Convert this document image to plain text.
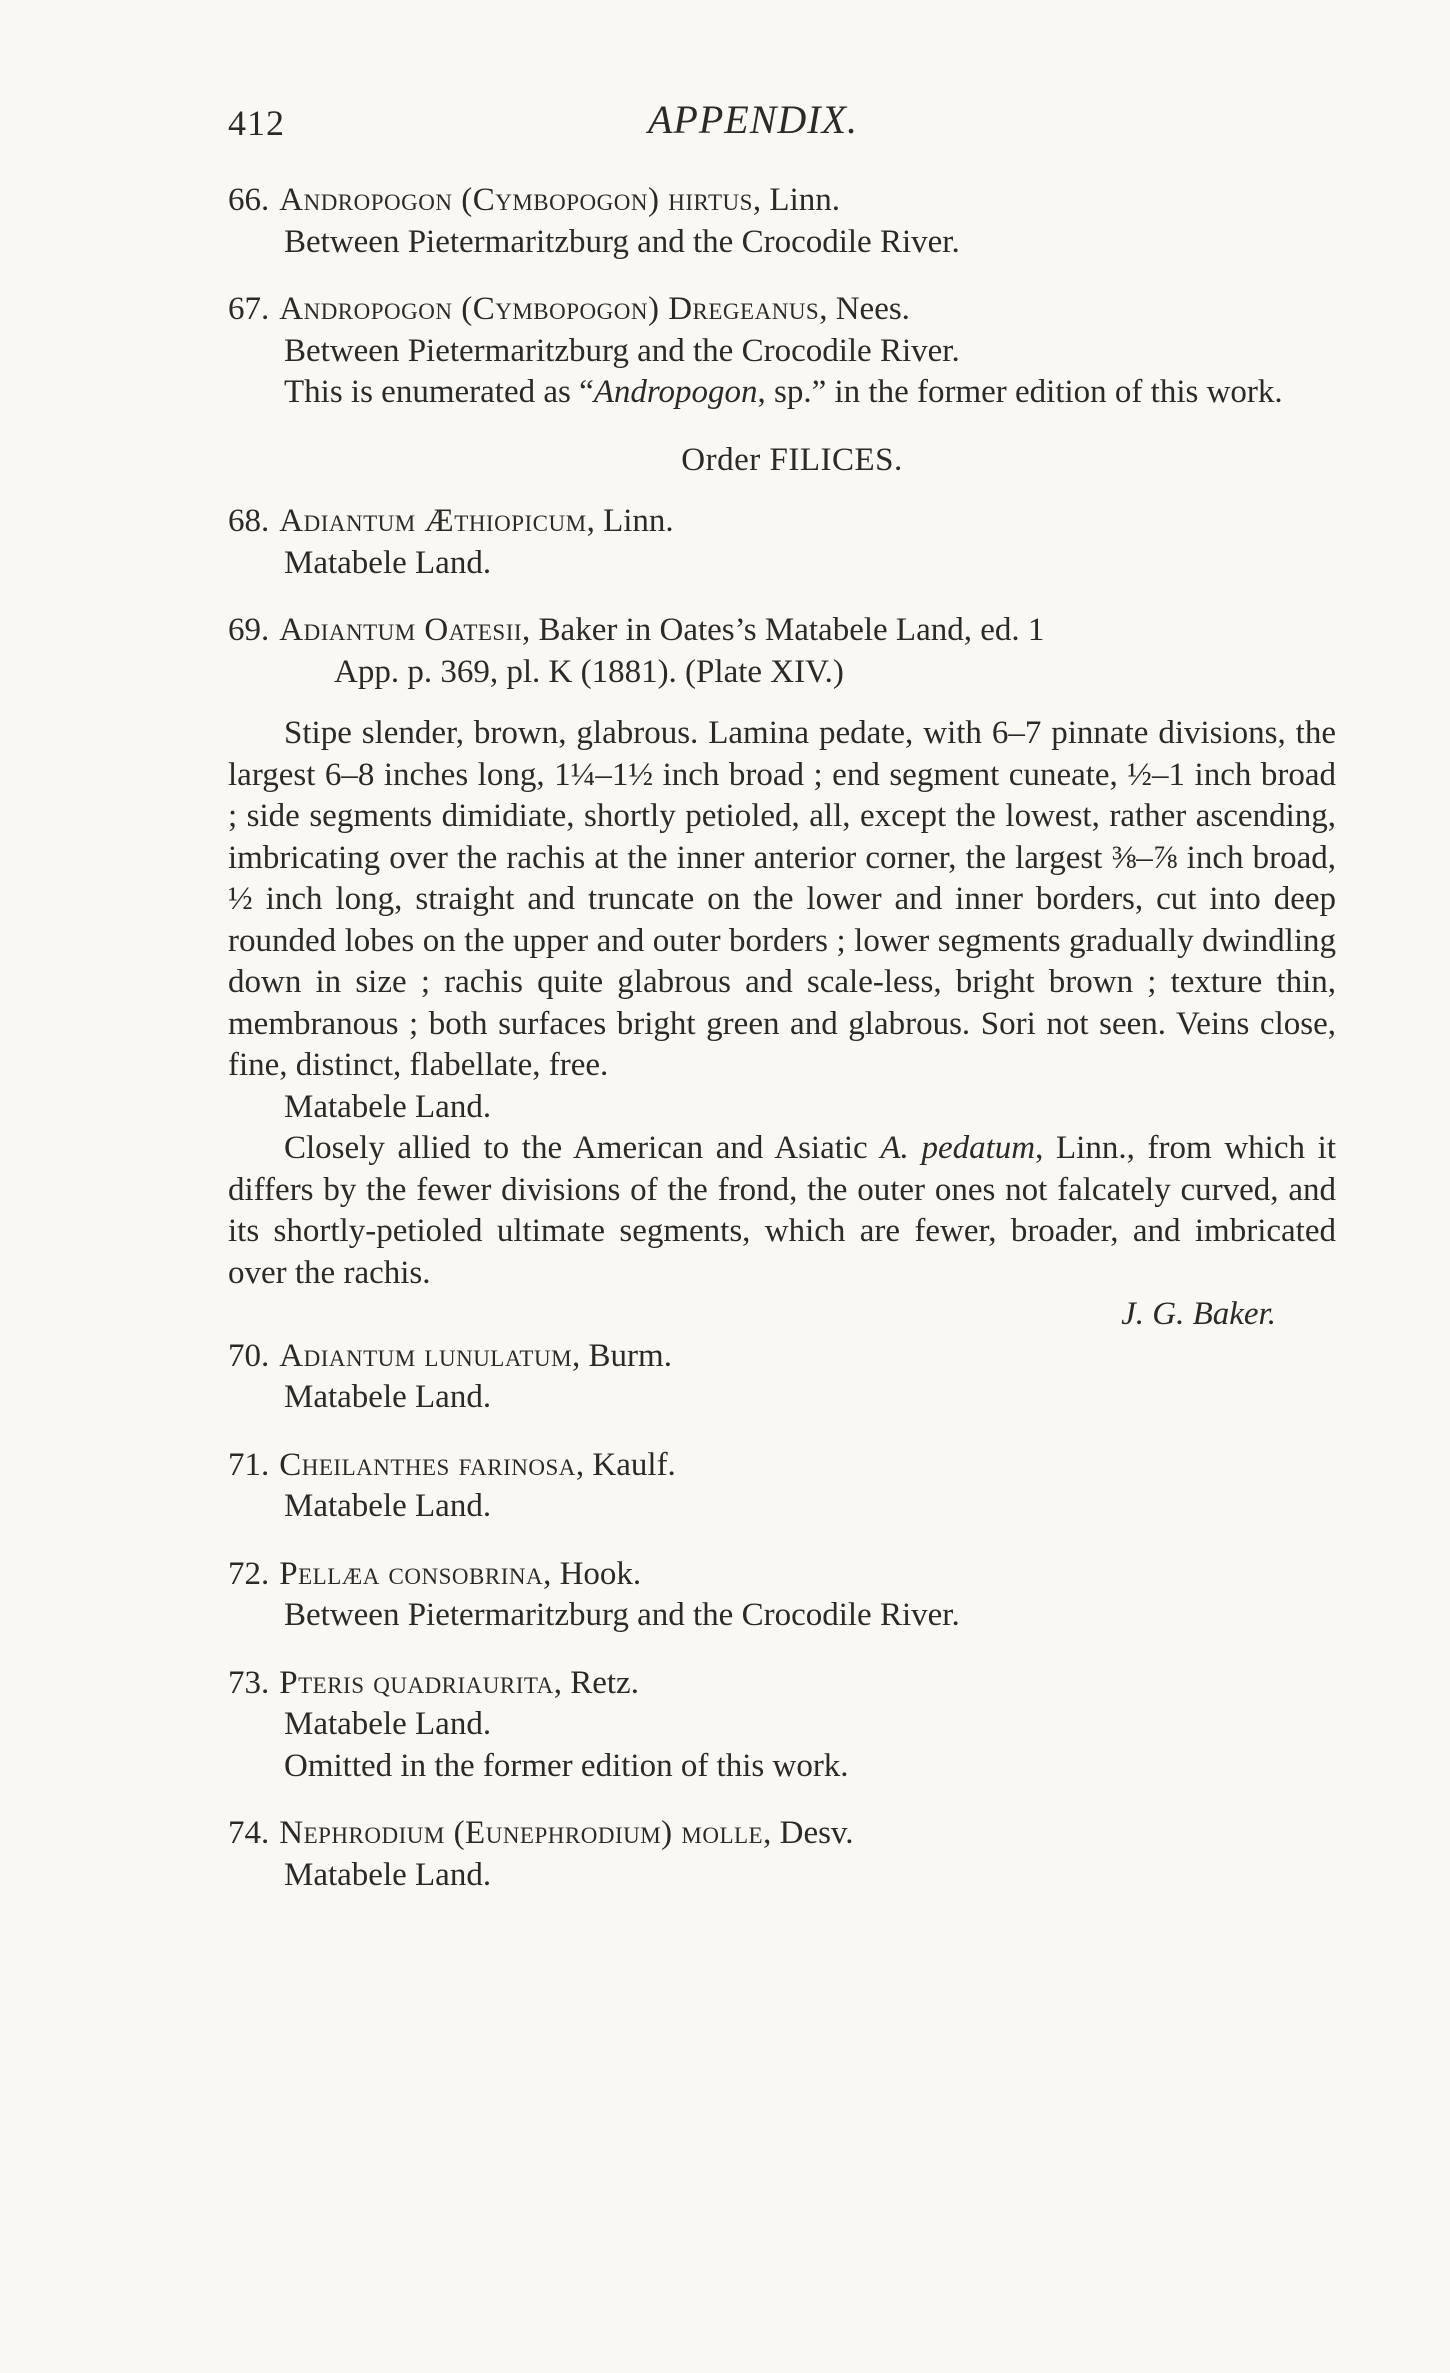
412	APPENDIX.

66. Andropogon (Cymbopogon) hirtus, Linn.

Between Pietermaritzburg and the Crocodile River.

67. Andropogon (Cymbopogon) Dregeanus, Nees.

Between Pietermaritzburg and the Crocodile River.

This is enumerated as “Andropogon, sp.” in the former edition of this work.

Order FILICES.

68. Adiantum Æthiopicum, Linn.

Matabele Land.

69. Adiantum Oatesii, Baker in Oates’s Matabele Land, ed. 1

App. p. 369, pl. K (1881). (Plate XIV.)

Stipe slender, brown, glabrous. Lamina pedate, with 6–7 pinnate divisions, the largest 6–8 inches long, 1¼–1½ inch broad ; end segment cuneate, ½–1 inch broad ; side segments dimidiate, shortly petioled, all, except the lowest, rather ascending, imbricating over the rachis at the inner anterior corner, the largest ⅜–⅞ inch broad, ½ inch long, straight and truncate on the lower and inner borders, cut into deep rounded lobes on the upper and outer borders ; lower segments gradually dwindling down in size ; rachis quite glabrous and scale-less, bright brown ; texture thin, membranous ; both surfaces bright green and glabrous. Sori not seen. Veins close, fine, distinct, flabellate, free.

Matabele Land.

Closely allied to the American and Asiatic A. pedatum, Linn., from which it differs by the fewer divisions of the frond, the outer ones not falcately curved, and its shortly-petioled ultimate segments, which are fewer, broader, and imbricated over the rachis.

J. G. Baker.

70. Adiantum lunulatum, Burm.

Matabele Land.

71. Cheilanthes farinosa, Kaulf.

Matabele Land.

72. Pellæa consobrina, Hook.

Between Pietermaritzburg and the Crocodile River.

73. Pteris quadriaurita, Retz.

Matabele Land.

Omitted in the former edition of this work.

74. Nephrodium (Eunephrodium) molle, Desv.

Matabele Land.
